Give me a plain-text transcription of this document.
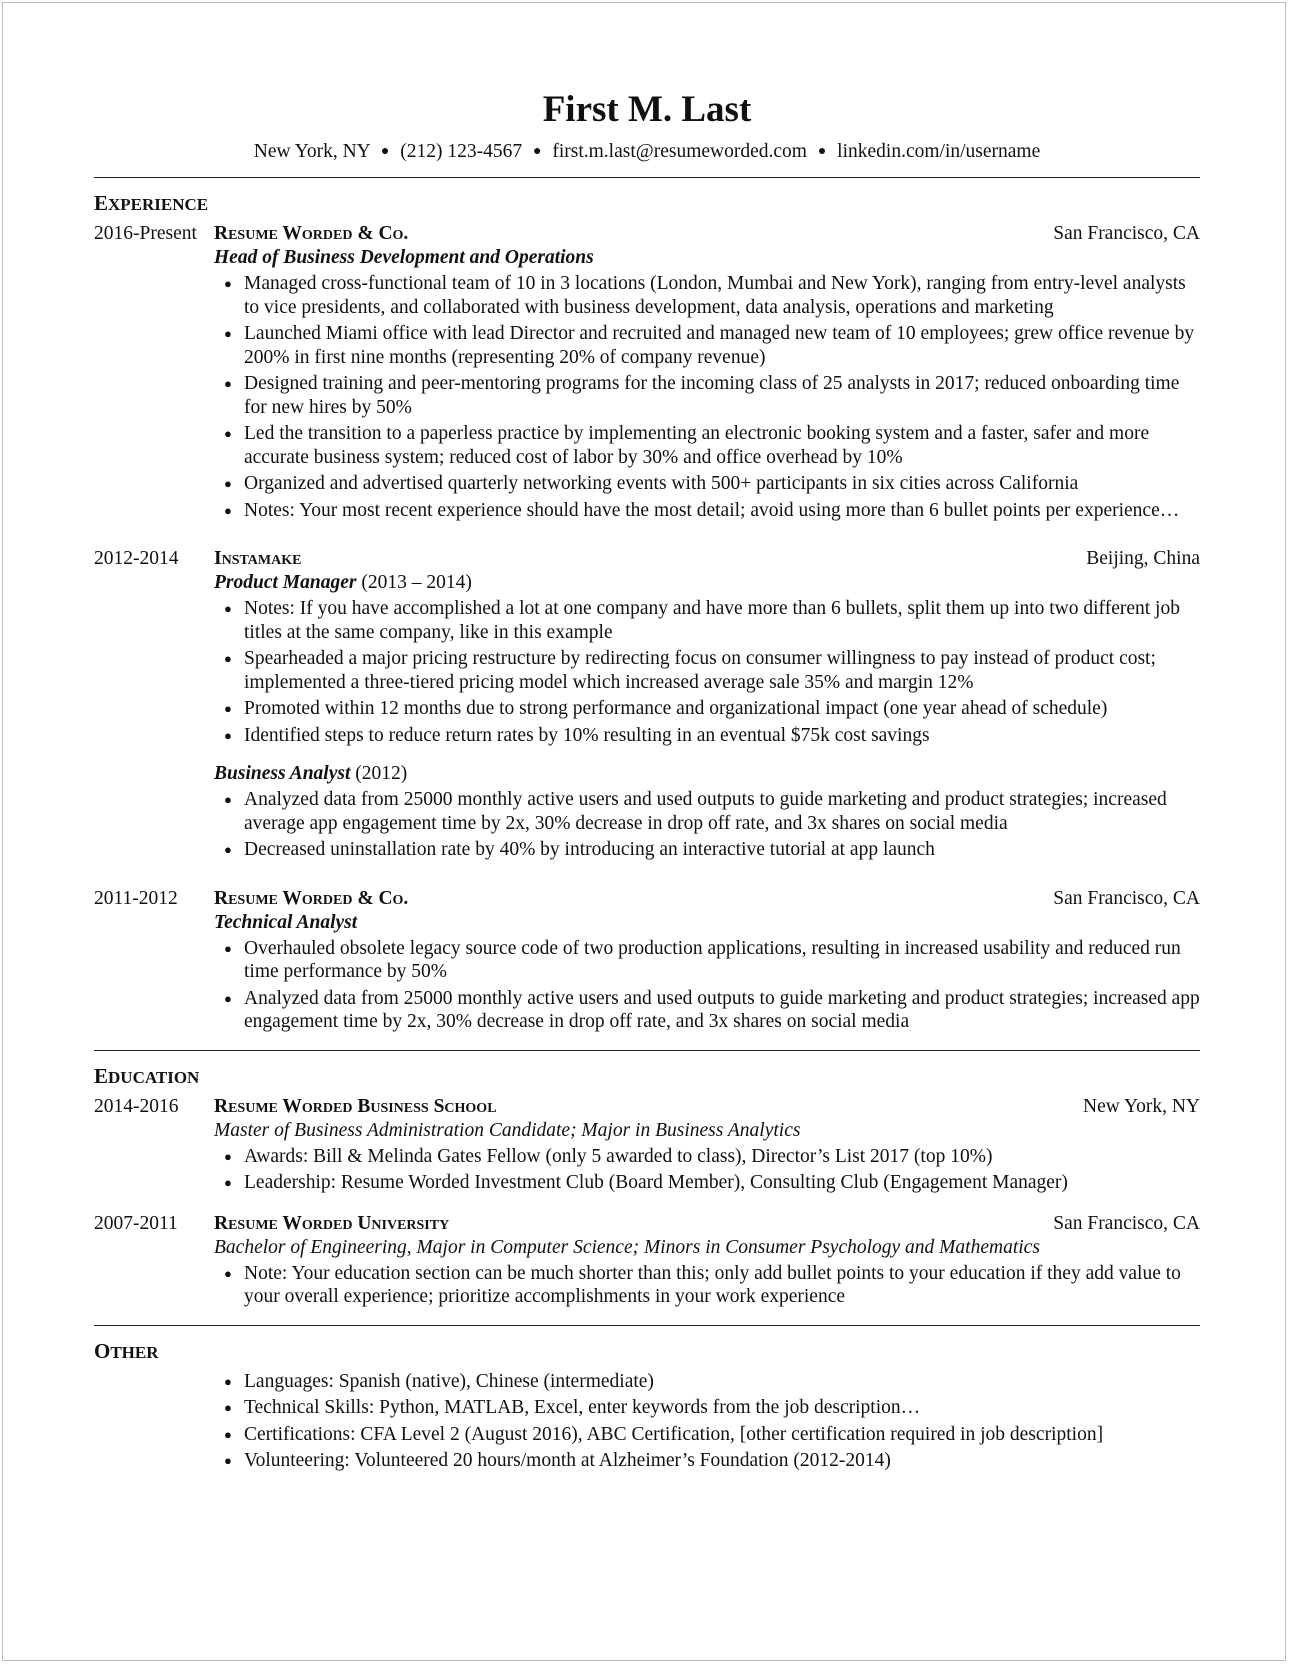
First M. Last
New York, NY ● (212) 123-4567 ● first.m.last@resumeworded.com ● linkedin.com/in/username
EXPERIENCE
2016-Present Resume Worded & Co.	San Francisco, CA
Head of Business Development and Operations
● Managed cross-functional team of 10 in 3 locations (London, Mumbai and New York), ranging from entry-level analysts to vice presidents, and collaborated with business development, data analysis, operations and marketing
● Launched Miami office with lead Director and recruited and managed new team of 10 employees; grew office revenue by 200% in first nine months (representing 20% of company revenue)
● Designed training and peer-mentoring programs for the incoming class of 25 analysts in 2017; reduced onboarding time for new hires by 50%
● Led the transition to a paperless practice by implementing an electronic booking system and a faster, safer and more accurate business system; reduced cost of labor by 30% and office overhead by 10%
● Organized and advertised quarterly networking events with 500+ participants in six cities across California
● Notes: Your most recent experience should have the most detail; avoid using more than 6 bullet points per experience…
2012-2014	Instamake	Beijing, China
Product Manager (2013 – 2014)
● Notes: If you have accomplished a lot at one company and have more than 6 bullets, split them up into two different job titles at the same company, like in this example
● Spearheaded a major pricing restructure by redirecting focus on consumer willingness to pay instead of product cost; implemented a three-tiered pricing model which increased average sale 35% and margin 12%
● Promoted within 12 months due to strong performance and organizational impact (one year ahead of schedule)
● Identified steps to reduce return rates by 10% resulting in an eventual $75k cost savings
Business Analyst (2012)
● Analyzed data from 25000 monthly active users and used outputs to guide marketing and product strategies; increased average app engagement time by 2x, 30% decrease in drop off rate, and 3x shares on social media
● Decreased uninstallation rate by 40% by introducing an interactive tutorial at app launch
2011-2012	Resume Worded & Co.	San Francisco, CA
Technical Analyst
● Overhauled obsolete legacy source code of two production applications, resulting in increased usability and reduced run time performance by 50%
● Analyzed data from 25000 monthly active users and used outputs to guide marketing and product strategies; increased app engagement time by 2x, 30% decrease in drop off rate, and 3x shares on social media
EDUCATION
2014-2016	Resume Worded Business School	New York, NY
Master of Business Administration Candidate; Major in Business Analytics
● Awards: Bill & Melinda Gates Fellow (only 5 awarded to class), Director’s List 2017 (top 10%)
● Leadership: Resume Worded Investment Club (Board Member), Consulting Club (Engagement Manager)
2007-2011	Resume Worded University	San Francisco, CA
Bachelor of Engineering, Major in Computer Science; Minors in Consumer Psychology and Mathematics
● Note: Your education section can be much shorter than this; only add bullet points to your education if they add value to your overall experience; prioritize accomplishments in your work experience
OTHER
● Languages: Spanish (native), Chinese (intermediate)
● Technical Skills: Python, MATLAB, Excel, enter keywords from the job description…
● Certifications: CFA Level 2 (August 2016), ABC Certification, [other certification required in job description]
● Volunteering: Volunteered 20 hours/month at Alzheimer’s Foundation (2012-2014)
